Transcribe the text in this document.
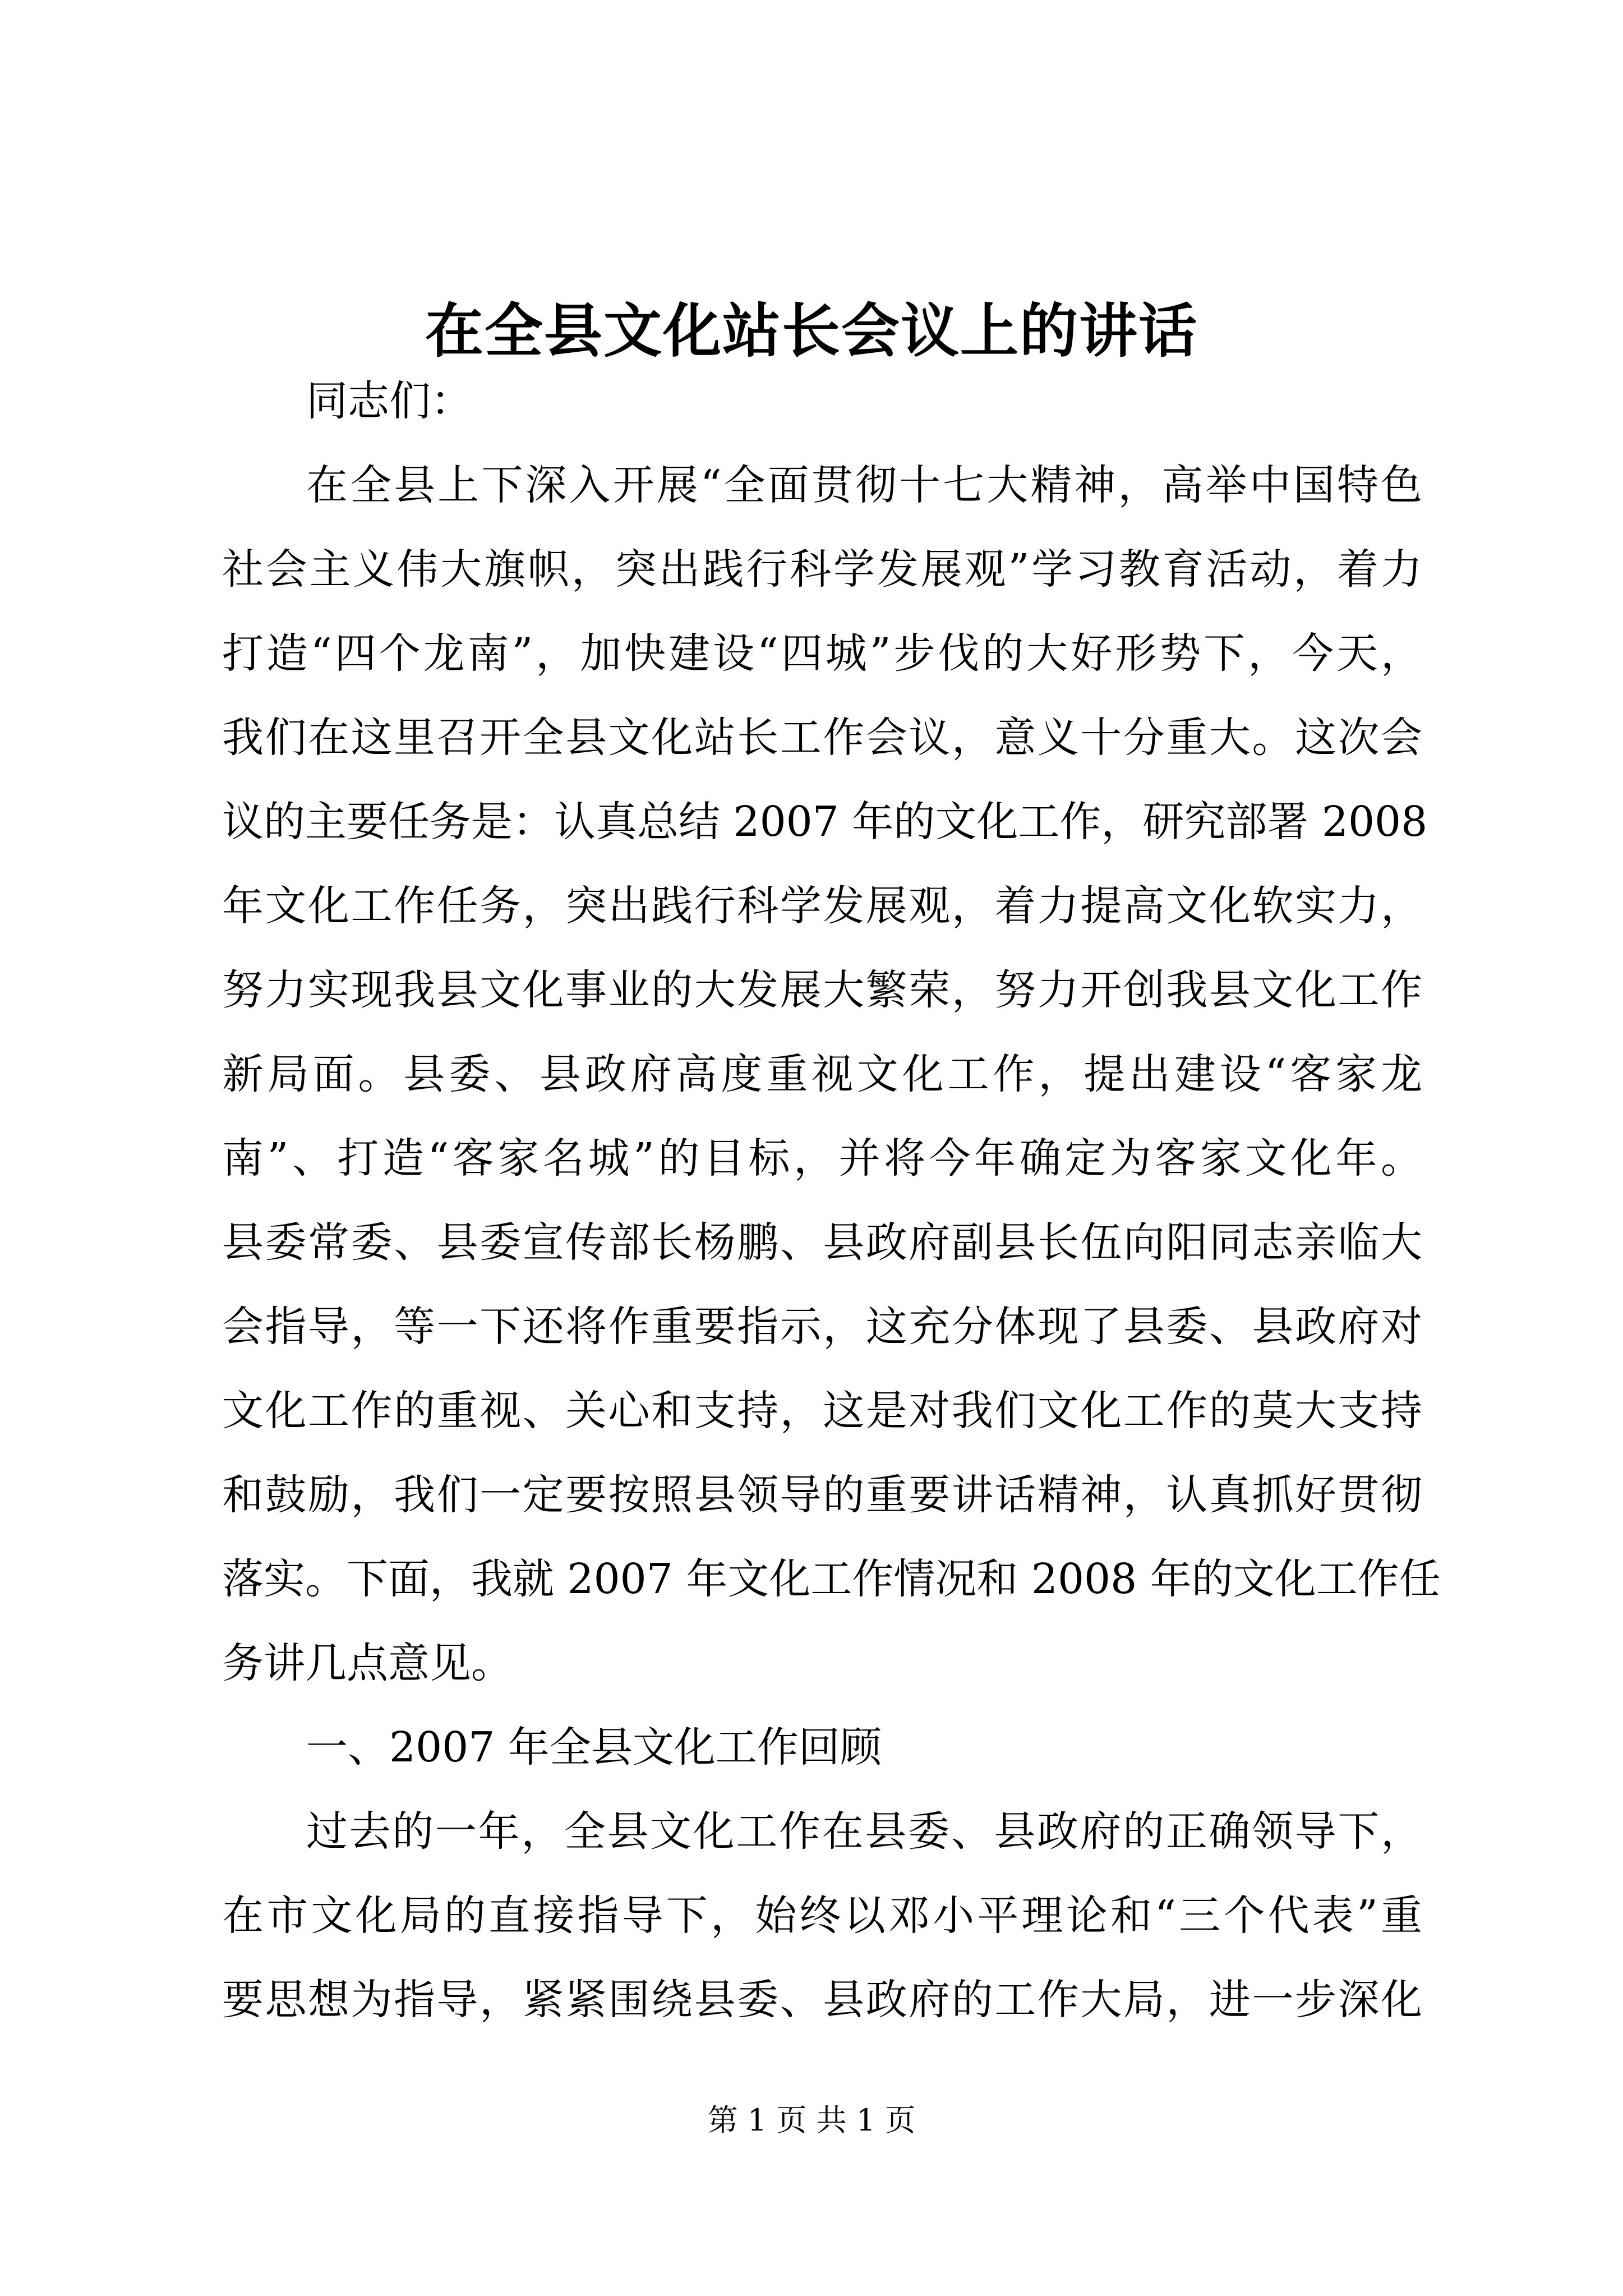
在全县文化站长会议上的讲话

同志们：

在全县上下深入开展“全面贯彻十七大精神，高举中国特色

社会主义伟大旗帜，突出践行科学发展观”学习教育活动，着力

打造“四个龙南”，加快建设“四城”步伐的大好形势下，今天，

我们在这里召开全县文化站长工作会议，意义十分重大。这次会

议的主要任务是：认真总结 2007 年的文化工作，研究部署 2008

年文化工作任务，突出践行科学发展观，着力提高文化软实力，

努力实现我县文化事业的大发展大繁荣，努力开创我县文化工作

新局面。县委、县政府高度重视文化工作，提出建设“客家龙

南”、打造“客家名城”的目标，并将今年确定为客家文化年。

县委常委、县委宣传部长杨鹏、县政府副县长伍向阳同志亲临大

会指导，等一下还将作重要指示，这充分体现了县委、县政府对

文化工作的重视、关心和支持，这是对我们文化工作的莫大支持

和鼓励，我们一定要按照县领导的重要讲话精神，认真抓好贯彻

落实。下面，我就 2007 年文化工作情况和 2008 年的文化工作任

务讲几点意见。

一、2007 年全县文化工作回顾

过去的一年，全县文化工作在县委、县政府的正确领导下，

在市文化局的直接指导下，始终以邓小平理论和“三个代表”重

要思想为指导，紧紧围绕县委、县政府的工作大局，进一步深化

第 1 页 共 1 页
